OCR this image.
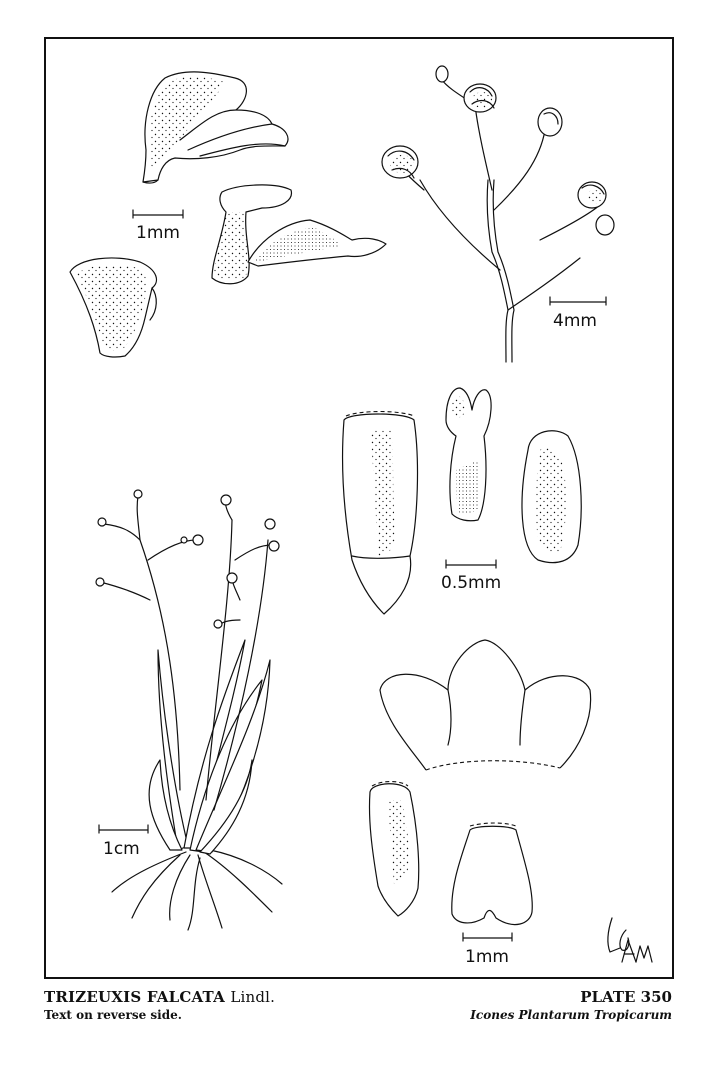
1mm
4mm
0.5mm
1cm
1mm
TRIZEUXIS FALCATA Lindl.
Text on reverse side.
PLATE 350
Icones Plantarum Tropicarum
